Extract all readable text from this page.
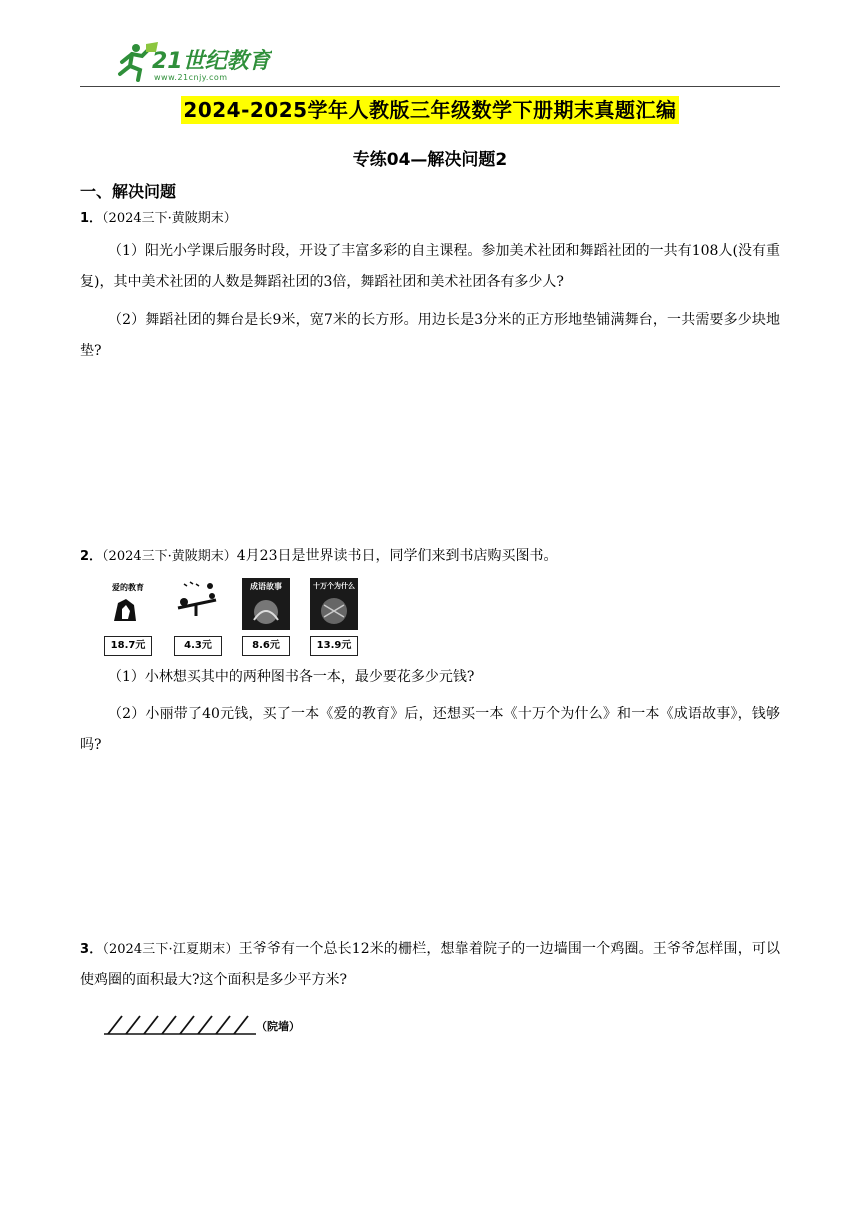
21世纪教育
www.21cnjy.com
2024-2025学年人教版三年级数学下册期末真题汇编
专练04—解决问题2
一、解决问题
1．（2024三下·黄陂期末）
（1）阳光小学课后服务时段，开设了丰富多彩的自主课程。参加美术社团和舞蹈社团的一共有108人(没有重复)，其中美术社团的人数是舞蹈社团的3倍，舞蹈社团和美术社团各有多少人?
（2）舞蹈社团的舞台是长9米，宽7米的长方形。用边长是3分米的正方形地垫铺满舞台，一共需要多少块地垫?
2．（2024三下·黄陂期末）4月23日是世界读书日，同学们来到书店购买图书。
爱的教育
18.7元	4.3元
成语故事
8.6元
十万个为什么
13.9元
（1）小林想买其中的两种图书各一本，最少要花多少元钱?
（2）小丽带了40元钱，买了一本《爱的教育》后，还想买一本《十万个为什么》和一本《成语故事》，钱够吗?
3．（2024三下·江夏期末）王爷爷有一个总长12米的栅栏，想靠着院子的一边墙围一个鸡圈。王爷爷怎样围，可以使鸡圈的面积最大?这个面积是多少平方米?
（院墙）
